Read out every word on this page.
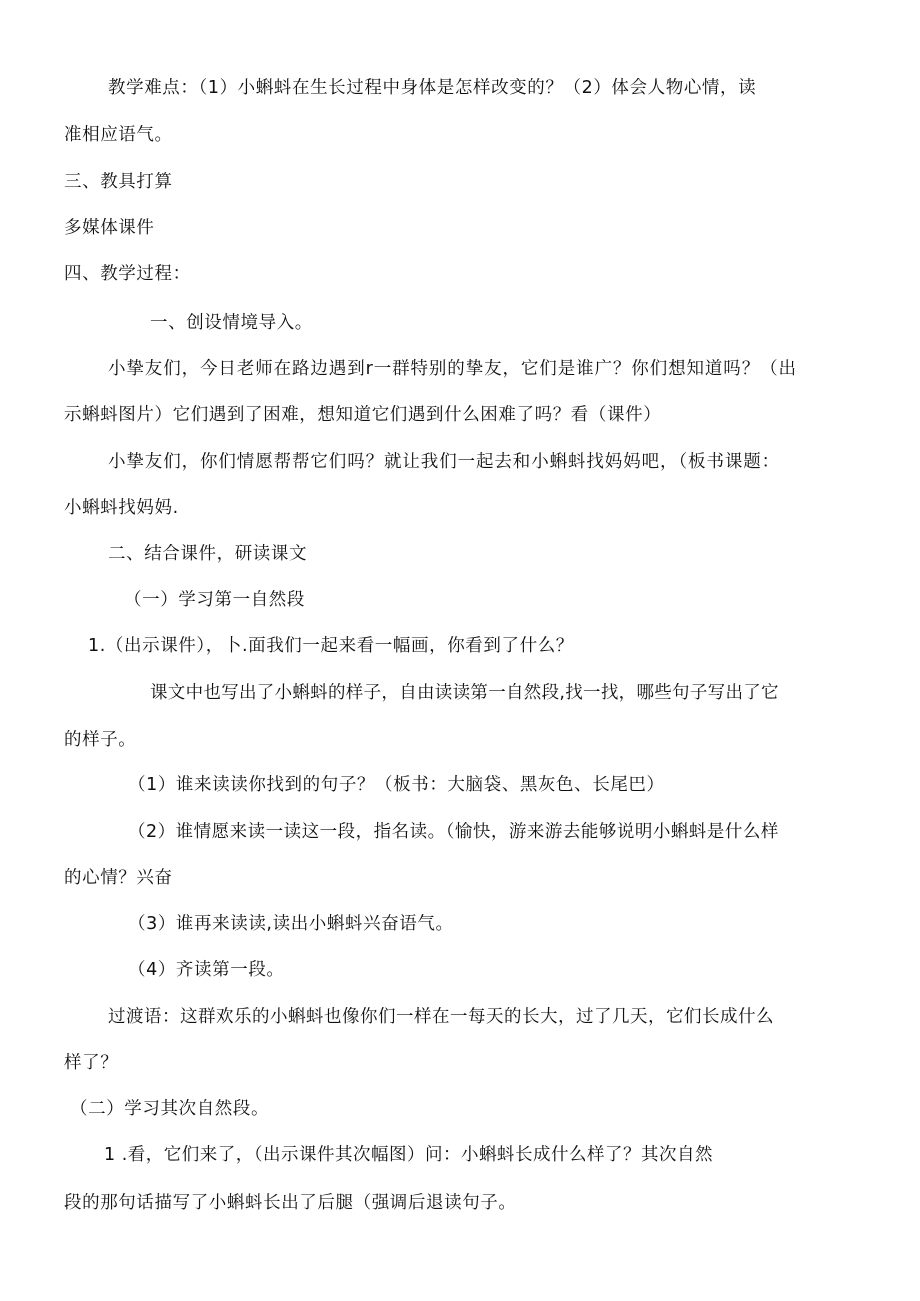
教学难点：（1）小蝌蚪在生长过程中身体是怎样改变的？（2）体会人物心情，读
准相应语气。
三、教具打算
多媒体课件
四、教学过程：
一、创设情境导入。
小挚友们，今日老师在路边遇到r一群特别的挚友，它们是谁广？你们想知道吗？（出
示蝌蚪图片）它们遇到了困难，想知道它们遇到什么困难了吗？看（课件）
小挚友们，你们情愿帮帮它们吗？就让我们一起去和小蝌蚪找妈妈吧，（板书课题：
小蝌蚪找妈妈.
二、结合课件，研读课文
（一）学习第一自然段
1.（出示课件），卜.面我们一起来看一幅画，你看到了什么？
课文中也写出了小蝌蚪的样子，自由读读第一自然段,找一找，哪些句子写出了它
的样子。
（1）谁来读读你找到的句子？（板书：大脑袋、黑灰色、长尾巴）
（2）谁情愿来读一读这一段，指名读。（愉快，游来游去能够说明小蝌蚪是什么样
的心情？兴奋
（3）谁再来读读,读出小蝌蚪兴奋语气。
（4）齐读第一段。
过渡语：这群欢乐的小蝌蚪也像你们一样在一每天的长大，过了几天，它们长成什么
样了？
（二）学习其次自然段。
1 .看，它们来了，（出示课件其次幅图）问：小蝌蚪长成什么样了？其次自然
段的那句话描写了小蝌蚪长出了后腿（强调后退读句子。
